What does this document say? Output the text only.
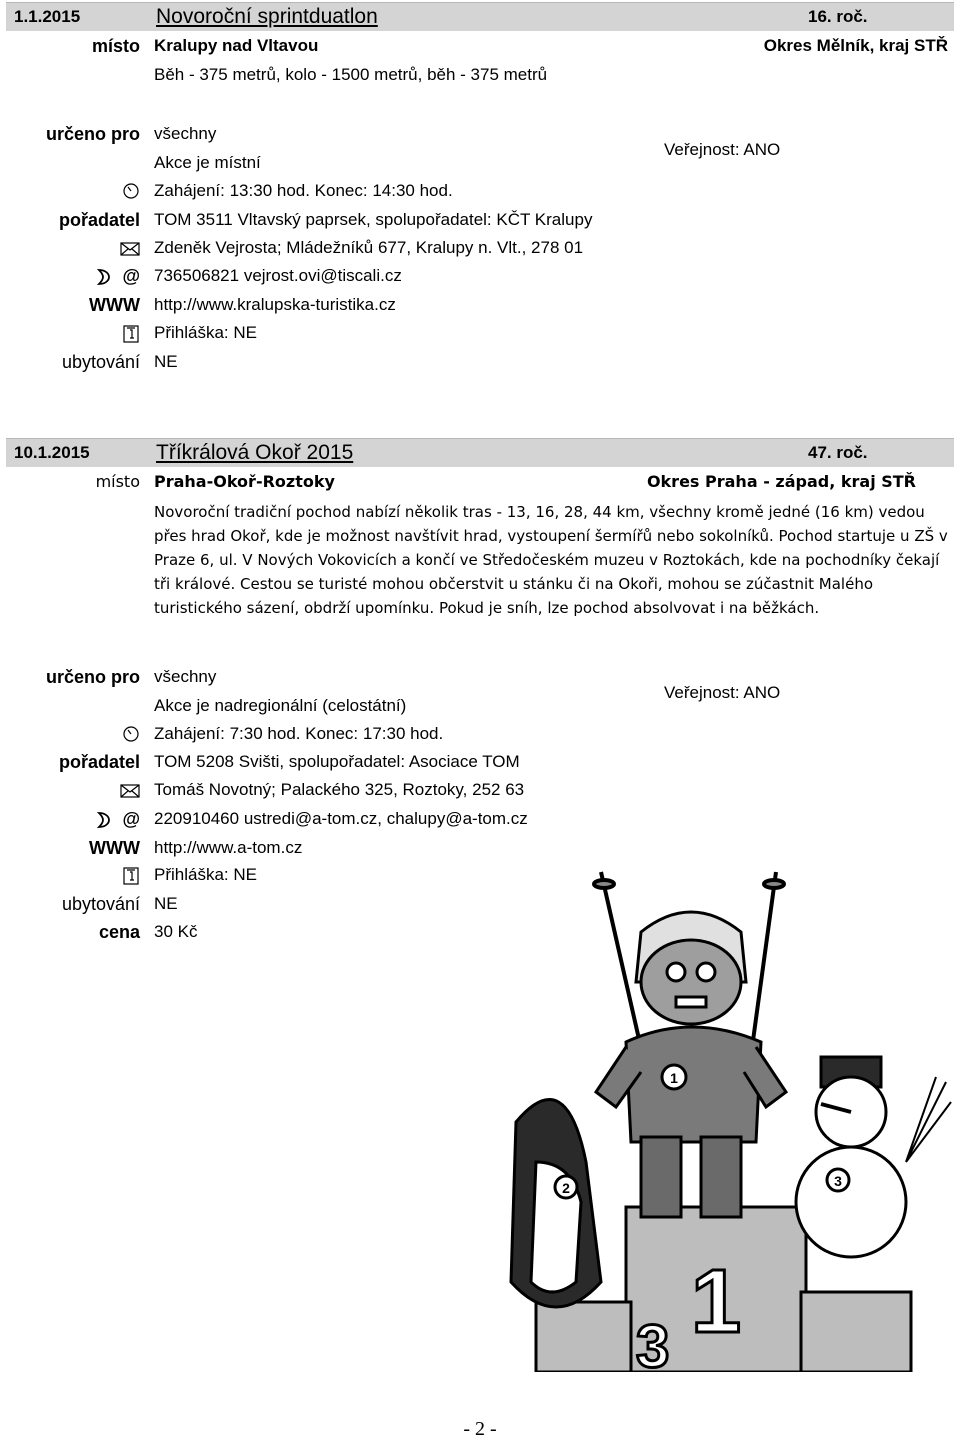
1.1.2015	Novoroční sprintduatlon	16. roč.
místo Kralupy nad Vltavou	Okres Mělník, kraj STŘ
Běh - 375 metrů, kolo - 1500 metrů, běh - 375 metrů
určeno pro všechny
Veřejnost: ANO
Akce je místní
Zahájení: 13:30 hod. Konec: 14:30 hod.
pořadatel TOM 3511 Vltavský paprsek, spolupořadatel: KČT Kralupy
Zdeněk Vejrosta; Mládežníků 677, Kralupy n. Vlt., 278 01
@ 736506821 vejrost.ovi@tiscali.cz
WWW http://www.kralupska-turistika.cz
Přihláška: NE
ubytování NE
10.1.2015	Tříkrálová Okoř 2015	47. roč.
místo Praha-Okoř-Roztoky	Okres Praha - západ, kraj STŘ
Novoroční tradiční pochod nabízí několik tras - 13, 16, 28, 44 km, všechny kromě jedné (16 km) vedou přes hrad Okoř, kde je možnost navštívit hrad, vystoupení šermířů nebo sokolníků. Pochod startuje u ZŠ v Praze 6, ul. V Nových Vokovicích a končí ve Středočeském muzeu v Roztokách, kde na pochodníky čekají tři králové. Cestou se turisté mohou občerstvit u stánku či na Okoři, mohou se zúčastnit Malého turistického sázení, obdrží upomínku. Pokud je sníh, lze pochod absolvovat i na běžkách.
určeno pro všechny
Veřejnost: ANO
Akce je nadregionální (celostátní)
Zahájení: 7:30 hod. Konec: 17:30 hod.
pořadatel TOM 5208 Svišti, spolupořadatel: Asociace TOM
Tomáš Novotný; Palackého 325, Roztoky, 252 63
@ 220910460 ustredi@a-tom.cz, chalupy@a-tom.cz
WWW http://www.a-tom.cz
Přihláška: NE
ubytování NE
cena 30 Kč
1
3
1
2	3
- 2 -
